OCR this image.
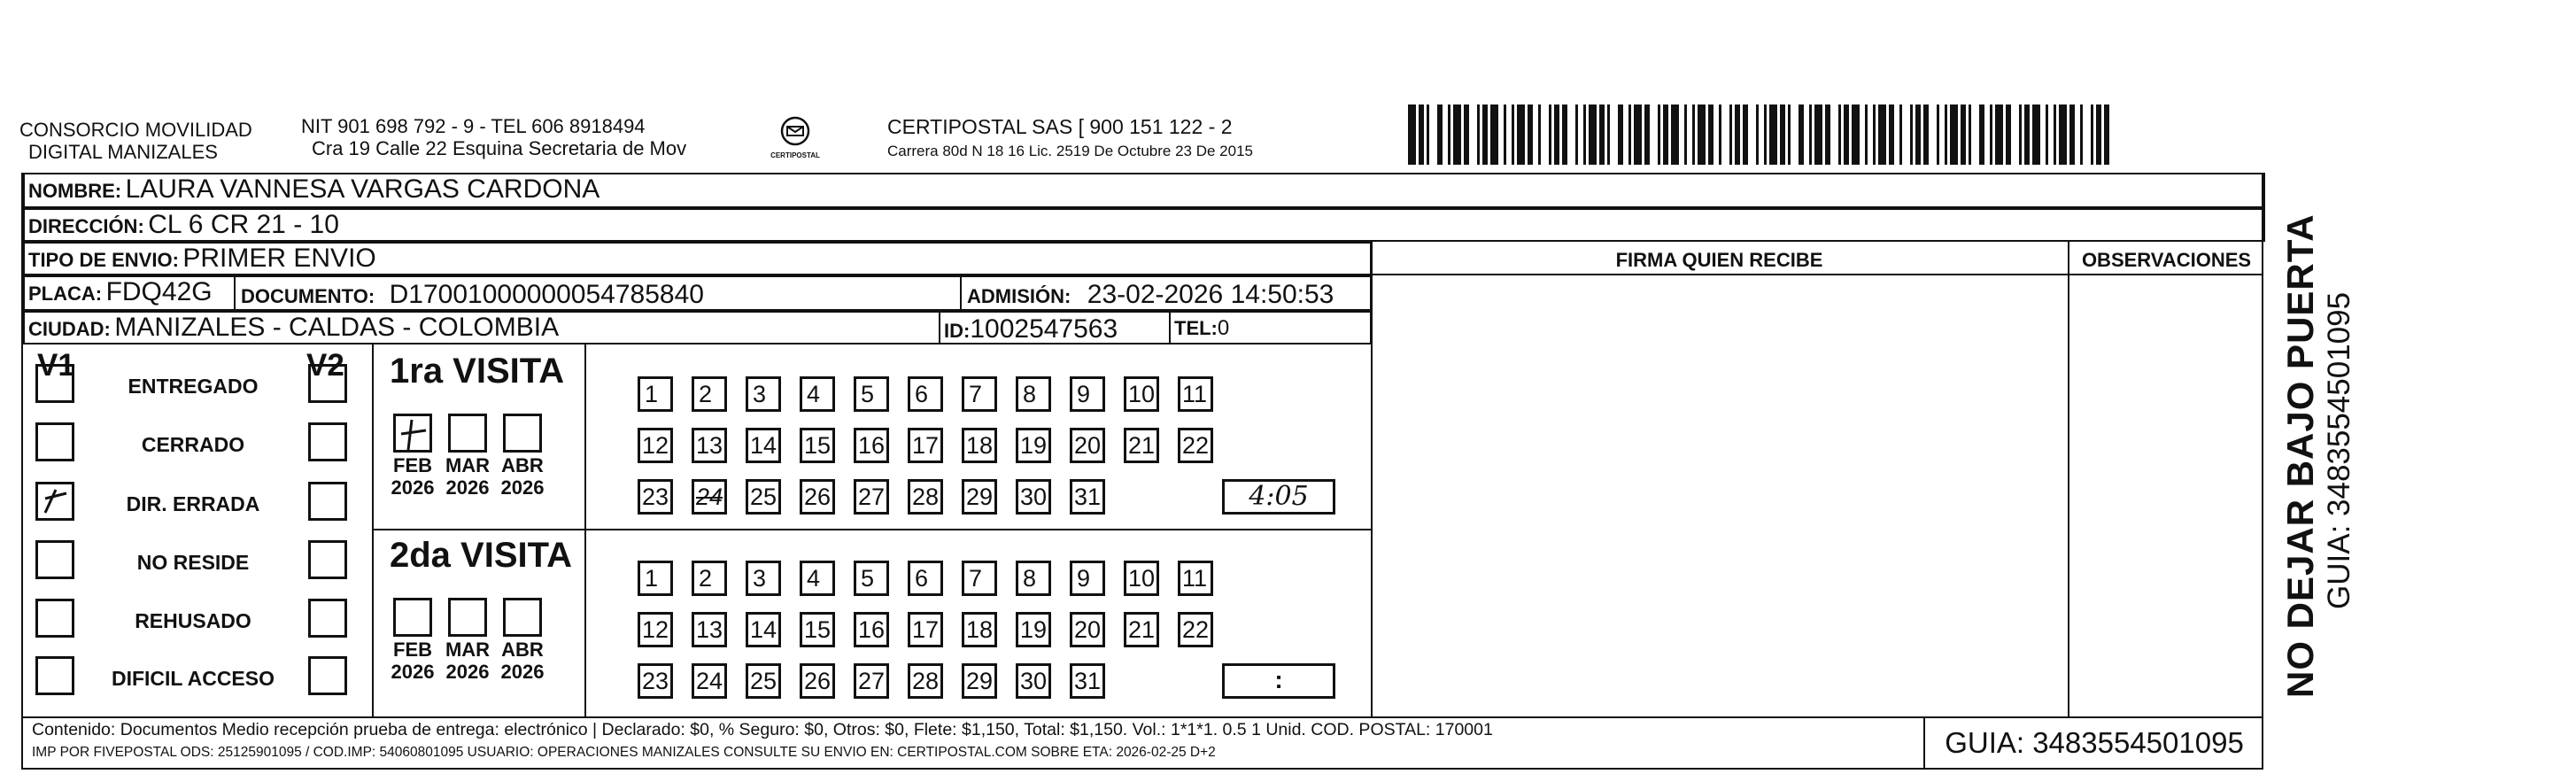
CONSORCIO MOVILIDAD
DIGITAL MANIZALES
NIT 901 698 792 - 9 - TEL 606 8918494
Cra 19 Calle 22 Esquina Secretaria de Mov	CERTIPOSTAL
CERTIPOSTAL SAS [ 900 151 122 - 2
Carrera 80d N 18 16 Lic. 2519 De Octubre 23 De 2015
NOMBRE: LAURA VANNESA VARGAS CARDONA
DIRECCIÓN: CL 6 CR 21 - 10
TIPO DE ENVIO: PRIMER ENVIO
PLACA: FDQ42G	DOCUMENTO: D17001000000054785840	ADMISIÓN: 23-02-2026 14:50:53
CIUDAD: MANIZALES - CALDAS - COLOMBIA	ID:1002547563	TEL:0
FIRMA QUIEN RECIBE	OBSERVACIONES
V1	V2
ENTREGADO
CERRADO
DIR. ERRADA
NO RESIDE
REHUSADO
DIFICIL ACCESO
1ra VISITA
2da VISITA
FEB
2026
MAR
2026
ABR
2026
FEB
2026
MAR
2026
ABR
2026
1	2	3	4	5	6	7	8	9	10 11
12 13 14 15 16 17 18 19 20 21 22
23 24 25 26 27 28 29 30 31
1	2	3	4	5	6	7	8	9	10 11
12 13 14 15 16 17 18 19 20 21 22
23 24 25 26 27 28 29 30 31
4:05
:
Contenido: Documentos Medio recepción prueba de entrega: electrónico | Declarado: $0, % Seguro: $0, Otros: $0, Flete: $1,150, Total: $1,150. Vol.: 1*1*1. 0.5 1 Unid. COD. POSTAL: 170001
IMP POR FIVEPOSTAL ODS: 25125901095 / COD.IMP: 54060801095 USUARIO: OPERACIONES MANIZALES CONSULTE SU ENVIO EN: CERTIPOSTAL.COM SOBRE ETA: 2026-02-25 D+2	GUIA: 3483554501095
NO DEJAR BAJO PUERTA GUIA: 3483554501095
